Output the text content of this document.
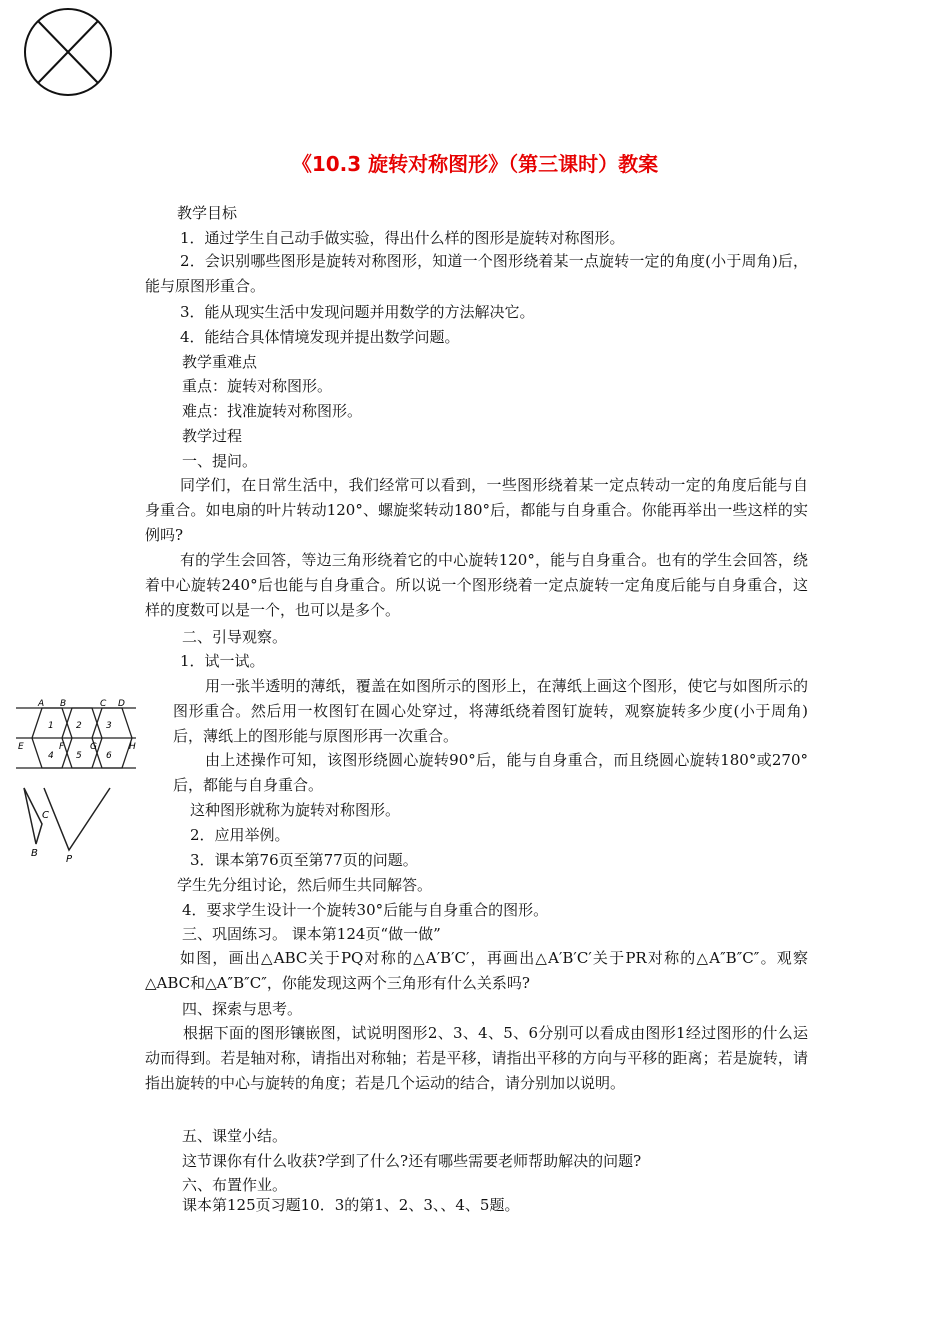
《10.3 旋转对称图形》（第三课时）教案
教学目标
1．通过学生自己动手做实验，得出什么样的图形是旋转对称图形。
2．会识别哪些图形是旋转对称图形，知道一个图形绕着某一点旋转一定的角度(小于周角)后，能与原图形重合。
3．能从现实生活中发现问题并用数学的方法解决它。
4．能结合具体情境发现并提出数学问题。
教学重难点
重点：旋转对称图形。
难点：找准旋转对称图形。
教学过程
一、提问。
同学们，在日常生活中，我们经常可以看到，一些图形绕着某一定点转动一定的角度后能与自身重合。如电扇的叶片转动120°、螺旋桨转动180°后，都能与自身重合。你能再举出一些这样的实例吗?
有的学生会回答，等边三角形绕着它的中心旋转120°，能与自身重合。也有的学生会回答，绕着中心旋转240°后也能与自身重合。所以说一个图形绕着一定点旋转一定角度后能与自身重合，这样的度数可以是一个，也可以是多个。
二、引导观察。
1．试一试。
用一张半透明的薄纸，覆盖在如图所示的图形上，在薄纸上画这个图形，使它与如图所示的图形重合。然后用一枚图钉在圆心处穿过，将薄纸绕着图钉旋转，观察旋转多少度(小于周角)后，薄纸上的图形能与原图形再一次重合。
由上述操作可知，该图形绕圆心旋转90°后，能与自身重合，而且绕圆心旋转180°或270°后，都能与自身重合。
这种图形就称为旋转对称图形。
2．应用举例。
3．课本第76页至第77页的问题。
学生先分组讨论，然后师生共同解答。
4．要求学生设计一个旋转30°后能与自身重合的图形。
三、巩固练习。 课本第124页“做一做”
如图，画出△ABC关于PQ对称的△A′B′C′，再画出△A′B′C′关于PR对称的△A″B″C″。观察△ABC和△A″B″C″，你能发现这两个三角形有什么关系吗?
四、探索与思考。
根据下面的图形镶嵌图，试说明图形2、3、4、5、6分别可以看成由图形1经过图形的什么运动而得到。若是轴对称，请指出对称轴；若是平移，请指出平移的方向与平移的距离；若是旋转，请指出旋转的中心与旋转的角度；若是几个运动的结合，请分别加以说明。
五、课堂小结。
这节课你有什么收获?学到了什么?还有哪些需要老师帮助解决的问题?
六、布置作业。
课本第125页习题10．3的第1、2、3、、4、5题。
A B	C D
E	F	G	H
1 2	3
4 5	6
C
B
P
